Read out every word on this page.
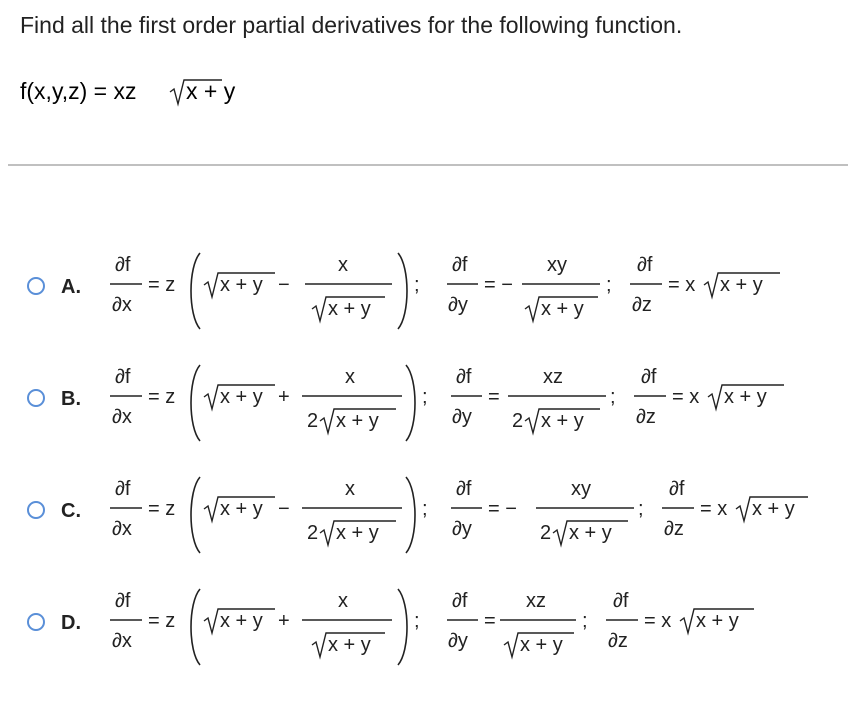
Find all the first order partial derivatives for the following function.
f(x,y,z) = xz x + y
A.
∂f
∂x
= z x + y −
x
x + y
;
∂f
∂y
= −
xy
x + y
;
∂f
∂z
= x x + y
B.
∂f
∂x
= z x + y +
x
2 x + y
;
∂f
∂y
=
xz
2 x + y
;
∂f
∂z
= x x + y
C.
∂f
∂x
= z x + y −
x
2 x + y
;
∂f
∂y
= −
xy
2 x + y
;
∂f
∂z
= x x + y
D.
∂f
∂x
= z x + y +
x
x + y
;
∂f
∂y
=
xz
x + y
;
∂f
∂z
= x x + y
